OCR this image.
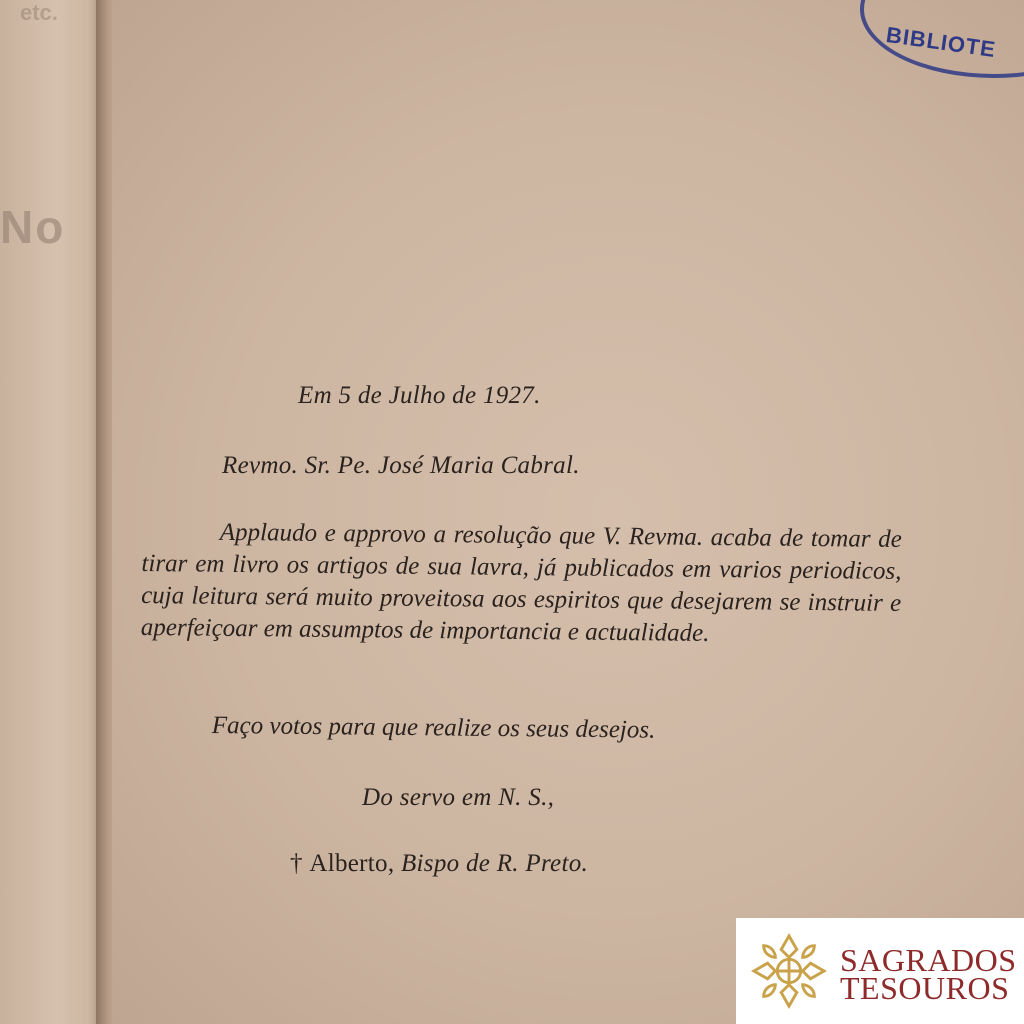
etc.
No
BIBLIOTE
Em 5 de Julho de 1927.
Revmo. Sr. Pe. José Maria Cabral.
Applaudo e approvo a resolução que V. Revma. acaba de tomar de tirar em livro os artigos de sua lavra, já publicados em varios periodicos, cuja leitura será muito proveitosa aos espiritos que desejarem se instruir e aperfeiçoar em assumptos de importancia e actualidade.
Faço votos para que realize os seus desejos.
Do servo em N. S.,
† Alberto, Bispo de R. Preto.
SAGRADOS
TESOUROS
